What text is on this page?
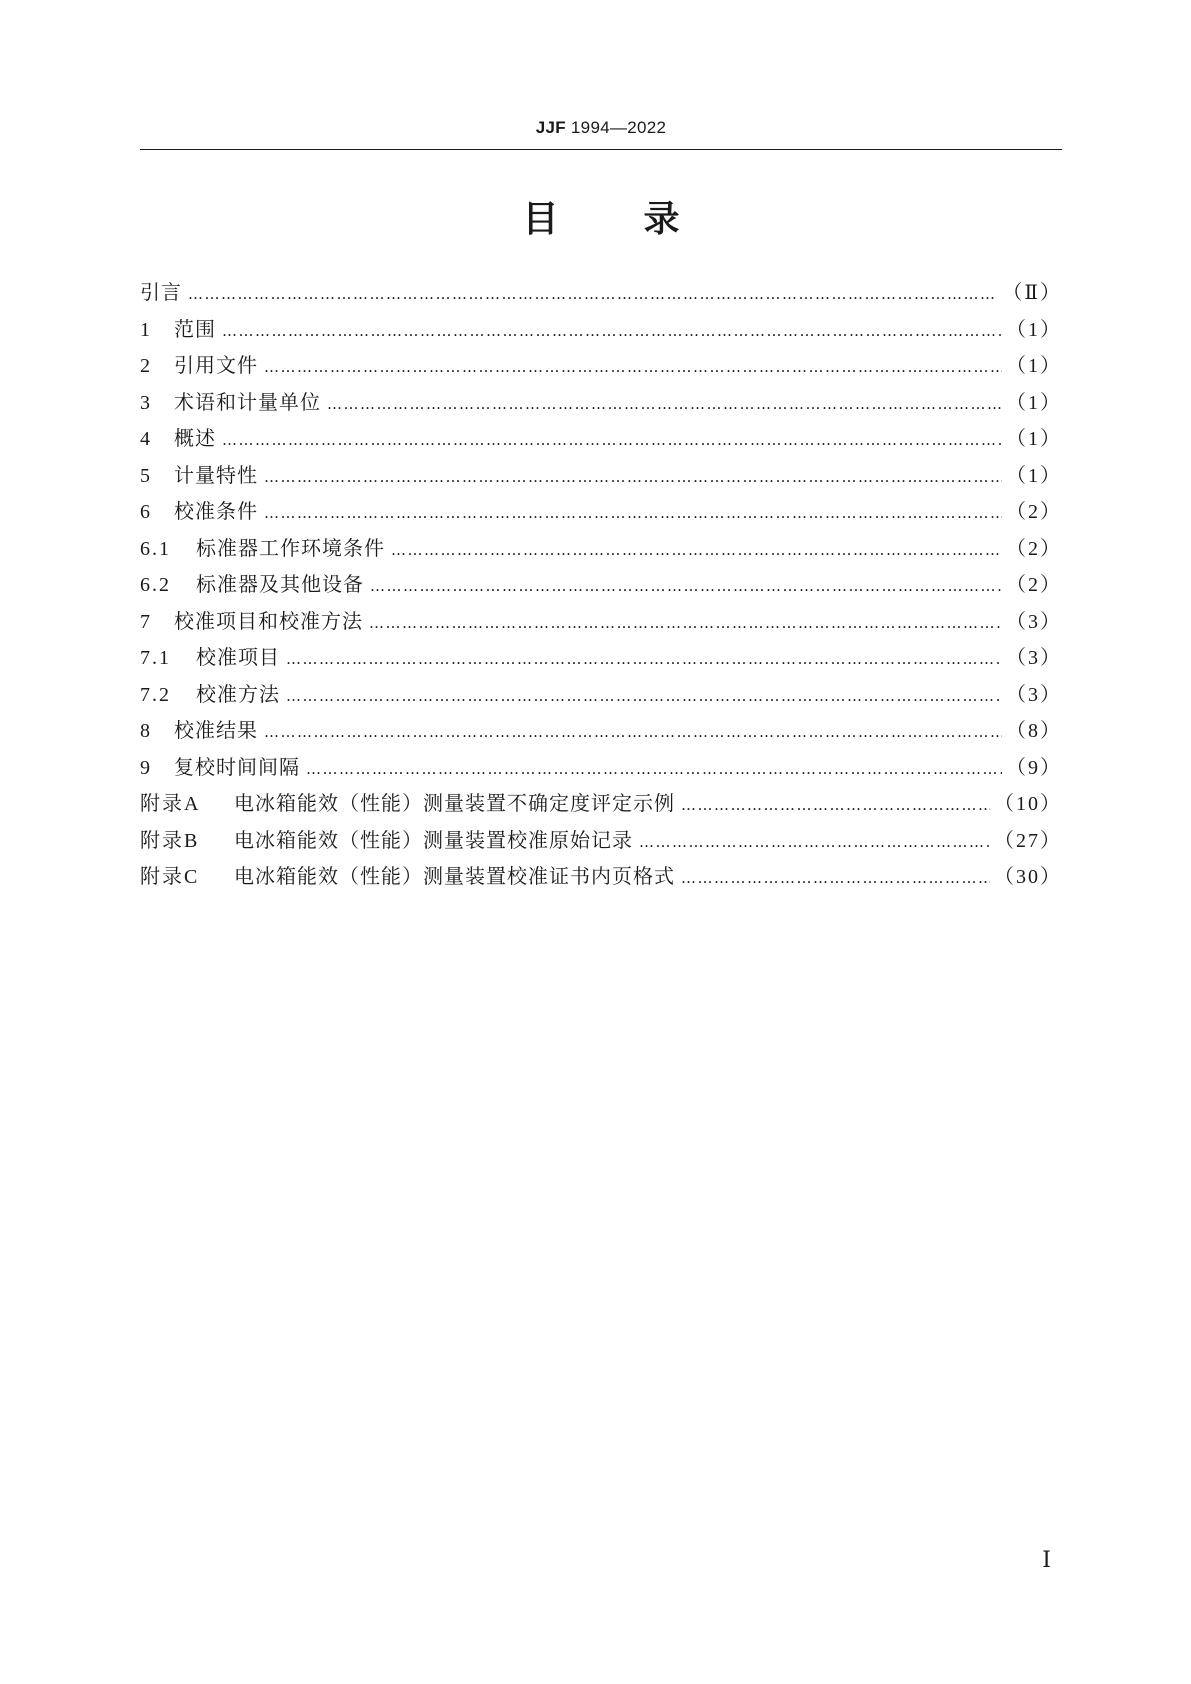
JJF 1994—2022
目 录
引言 ……………………………………………………………………………………………………………………………………………………………………………………………………………………	（Ⅱ）
1	范围 ……………………………………………………………………………………………………………………………………………………………………………………………………………………	（1）
2	引用文件 ……………………………………………………………………………………………………………………………………………………………………………………………………………………	（1）
3	术语和计量单位 ……………………………………………………………………………………………………………………………………………………………………………………………………………………	（1）
4	概述 ……………………………………………………………………………………………………………………………………………………………………………………………………………………	（1）
5	计量特性 ……………………………………………………………………………………………………………………………………………………………………………………………………………………	（1）
6	校准条件 ……………………………………………………………………………………………………………………………………………………………………………………………………………………	（2）
6.1	标准器工作环境条件 ……………………………………………………………………………………………………………………………………………………………………………………………………………………	（2）
6.2	标准器及其他设备 ……………………………………………………………………………………………………………………………………………………………………………………………………………………	（2）
7	校准项目和校准方法 ……………………………………………………………………………………………………………………………………………………………………………………………………………………	（3）
7.1	校准项目 ……………………………………………………………………………………………………………………………………………………………………………………………………………………	（3）
7.2	校准方法 ……………………………………………………………………………………………………………………………………………………………………………………………………………………	（3）
8	校准结果 ……………………………………………………………………………………………………………………………………………………………………………………………………………………	（8）
9	复校时间间隔 ……………………………………………………………………………………………………………………………………………………………………………………………………………………	（9）
附录A	电冰箱能效（性能）测量装置不确定度评定示例 ……………………………………………………………………………………………………………………………………………………………………………………………………………………	（10）
附录B	电冰箱能效（性能）测量装置校准原始记录 ……………………………………………………………………………………………………………………………………………………………………………………………………………………	（27）
附录C	电冰箱能效（性能）测量装置校准证书内页格式 ……………………………………………………………………………………………………………………………………………………………………………………………………………………	（30）
Ⅰ
